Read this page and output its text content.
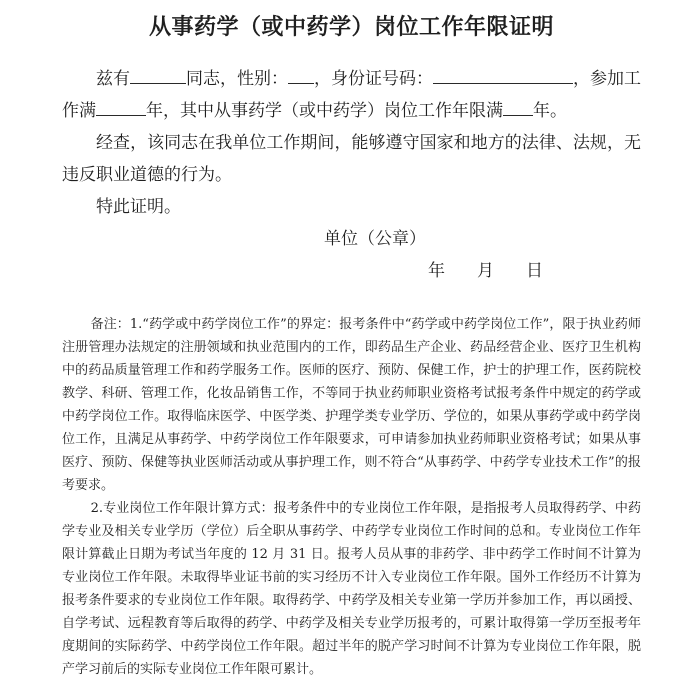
从事药学（或中药学）岗位工作年限证明

兹有	同志，性别： ，身份证号码：	，参加工作满	年，其中从事药学（或中药学）岗位工作年限满 年。

经查，该同志在我单位工作期间，能够遵守国家和地方的法律、法规，无违反职业道德的行为。

特此证明。

单位（公章）

年 月 日

备注：1.“药学或中药学岗位工作”的界定：报考条件中“药学或中药学岗位工作”，限于执业药师注册管理办法规定的注册领域和执业范围内的工作，即药品生产企业、药品经营企业、医疗卫生机构中的药品质量管理工作和药学服务工作。医师的医疗、预防、保健工作，护士的护理工作，医药院校教学、科研、管理工作，化妆品销售工作，不等同于执业药师职业资格考试报考条件中规定的药学或中药学岗位工作。取得临床医学、中医学类、护理学类专业学历、学位的，如果从事药学或中药学岗位工作，且满足从事药学、中药学岗位工作年限要求，可申请参加执业药师职业资格考试；如果从事医疗、预防、保健等执业医师活动或从事护理工作，则不符合“从事药学、中药学专业技术工作”的报考要求。

2.专业岗位工作年限计算方式：报考条件中的专业岗位工作年限，是指报考人员取得药学、中药学专业及相关专业学历（学位）后全职从事药学、中药学专业岗位工作时间的总和。专业岗位工作年限计算截止日期为考试当年度的 12 月 31 日。报考人员从事的非药学、非中药学工作时间不计算为专业岗位工作年限。未取得毕业证书前的实习经历不计入专业岗位工作年限。国外工作经历不计算为报考条件要求的专业岗位工作年限。取得药学、中药学及相关专业第一学历并参加工作，再以函授、自学考试、远程教育等后取得的药学、中药学及相关专业学历报考的，可累计取得第一学历至报考年度期间的实际药学、中药学岗位工作年限。超过半年的脱产学习时间不计算为专业岗位工作年限，脱产学习前后的实际专业岗位工作年限可累计。
